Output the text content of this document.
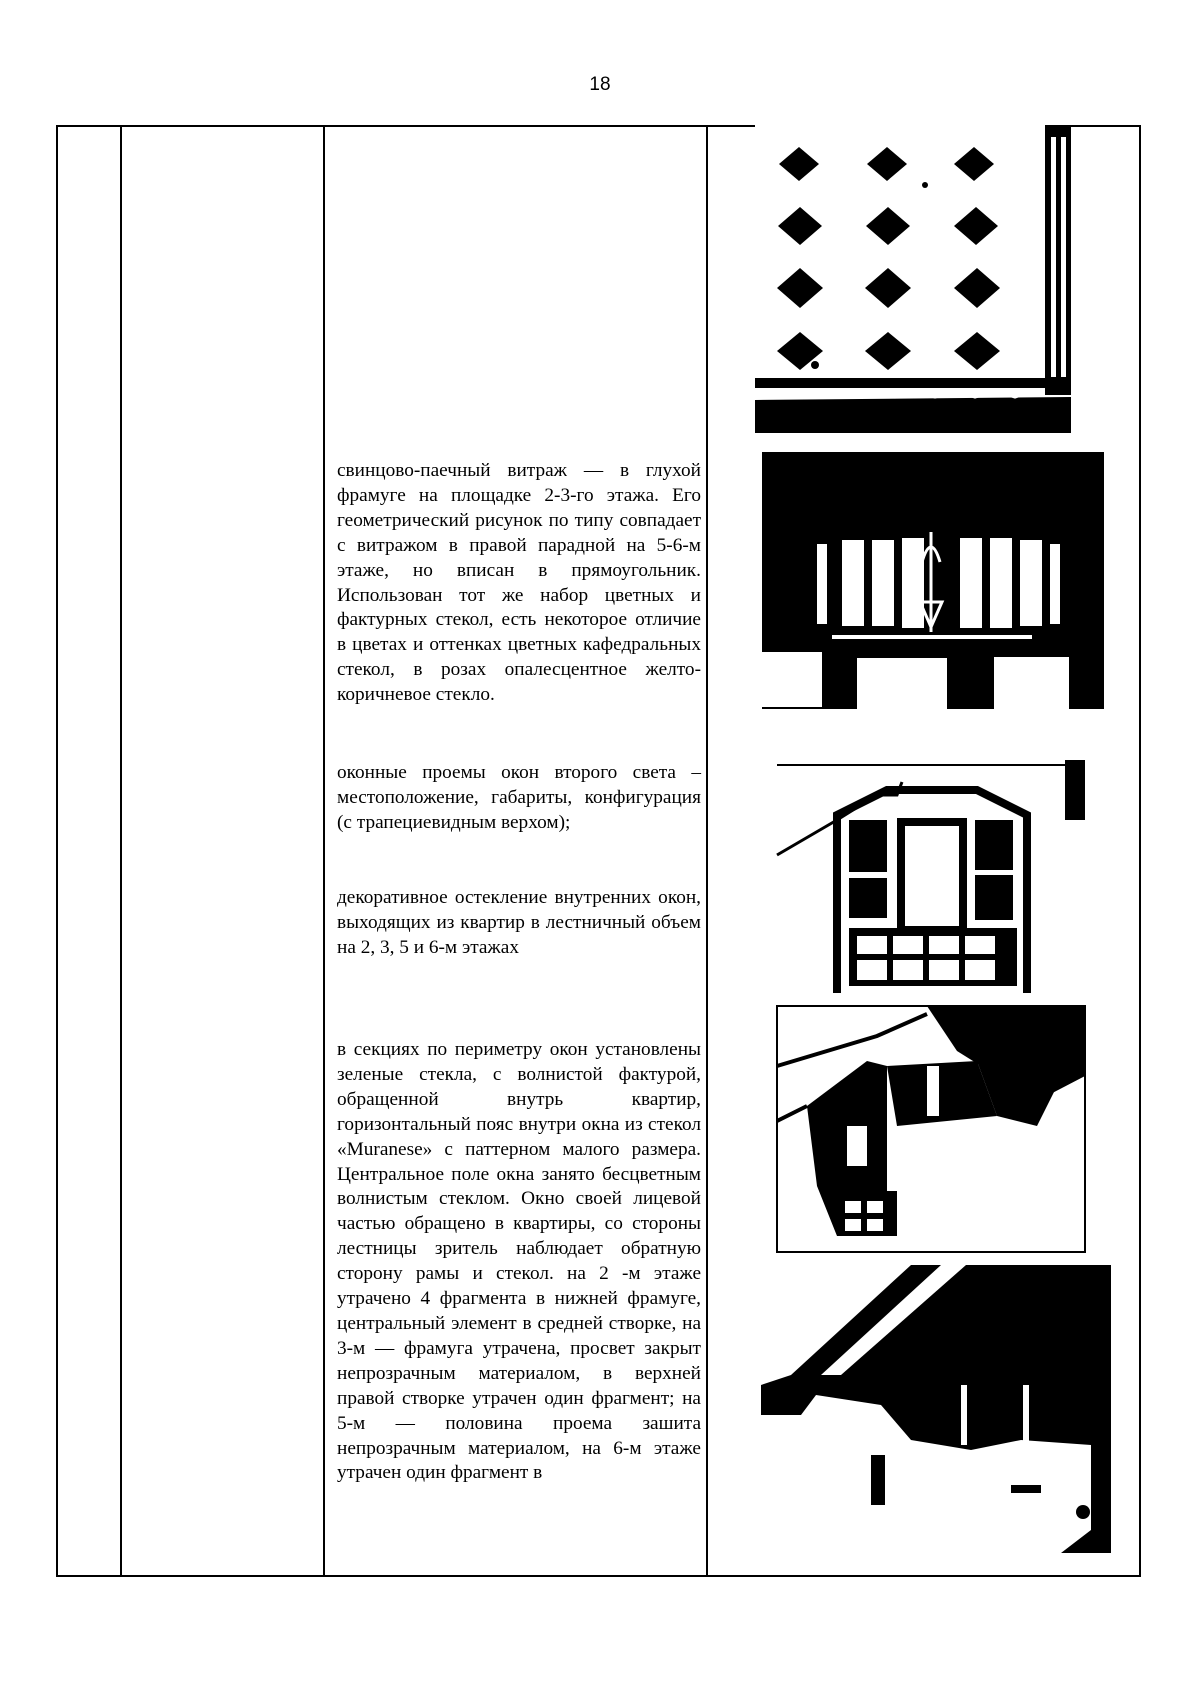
18

свинцово-паечный витраж — в глухой фрамуге на площадке 2-3-го этажа. Его геометрический рисунок по типу совпадает с витражом в правой парадной на 5-6-м этаже, но вписан в прямоугольник. Использован тот же набор цветных и фактурных стекол, есть некоторое отличие в цветах и оттенках цветных кафедральных стекол, в розах опалесцентное желто-коричневое стекло.

оконные проемы окон второго света – местоположение, габариты, конфигурация (с трапециевидным верхом);

декоративное остекление внутренних окон, выходящих из квартир в лестничный объем на 2, 3, 5 и 6-м этажах

в секциях по периметру окон установлены зеленые стекла, с волнистой фактурой, обращенной внутрь квартир, горизонтальный пояс внутри окна из стекол «Muranese» с паттерном малого размера. Центральное поле окна занято бесцветным волнистым стеклом. Окно своей лицевой частью обращено в квартиры, со стороны лестницы зритель наблюдает обратную сторону рамы и стекол. на 2 -м этаже утрачено 4 фрагмента в нижней фрамуге, центральный элемент в средней створке, на 3-м — фрамуга утрачена, просвет закрыт непрозрачным материалом, в верхней правой створке утрачен один фрагмент; на 5-м — половина проема зашита непрозрачным материалом, на 6-м этаже утрачен один фрагмент в
